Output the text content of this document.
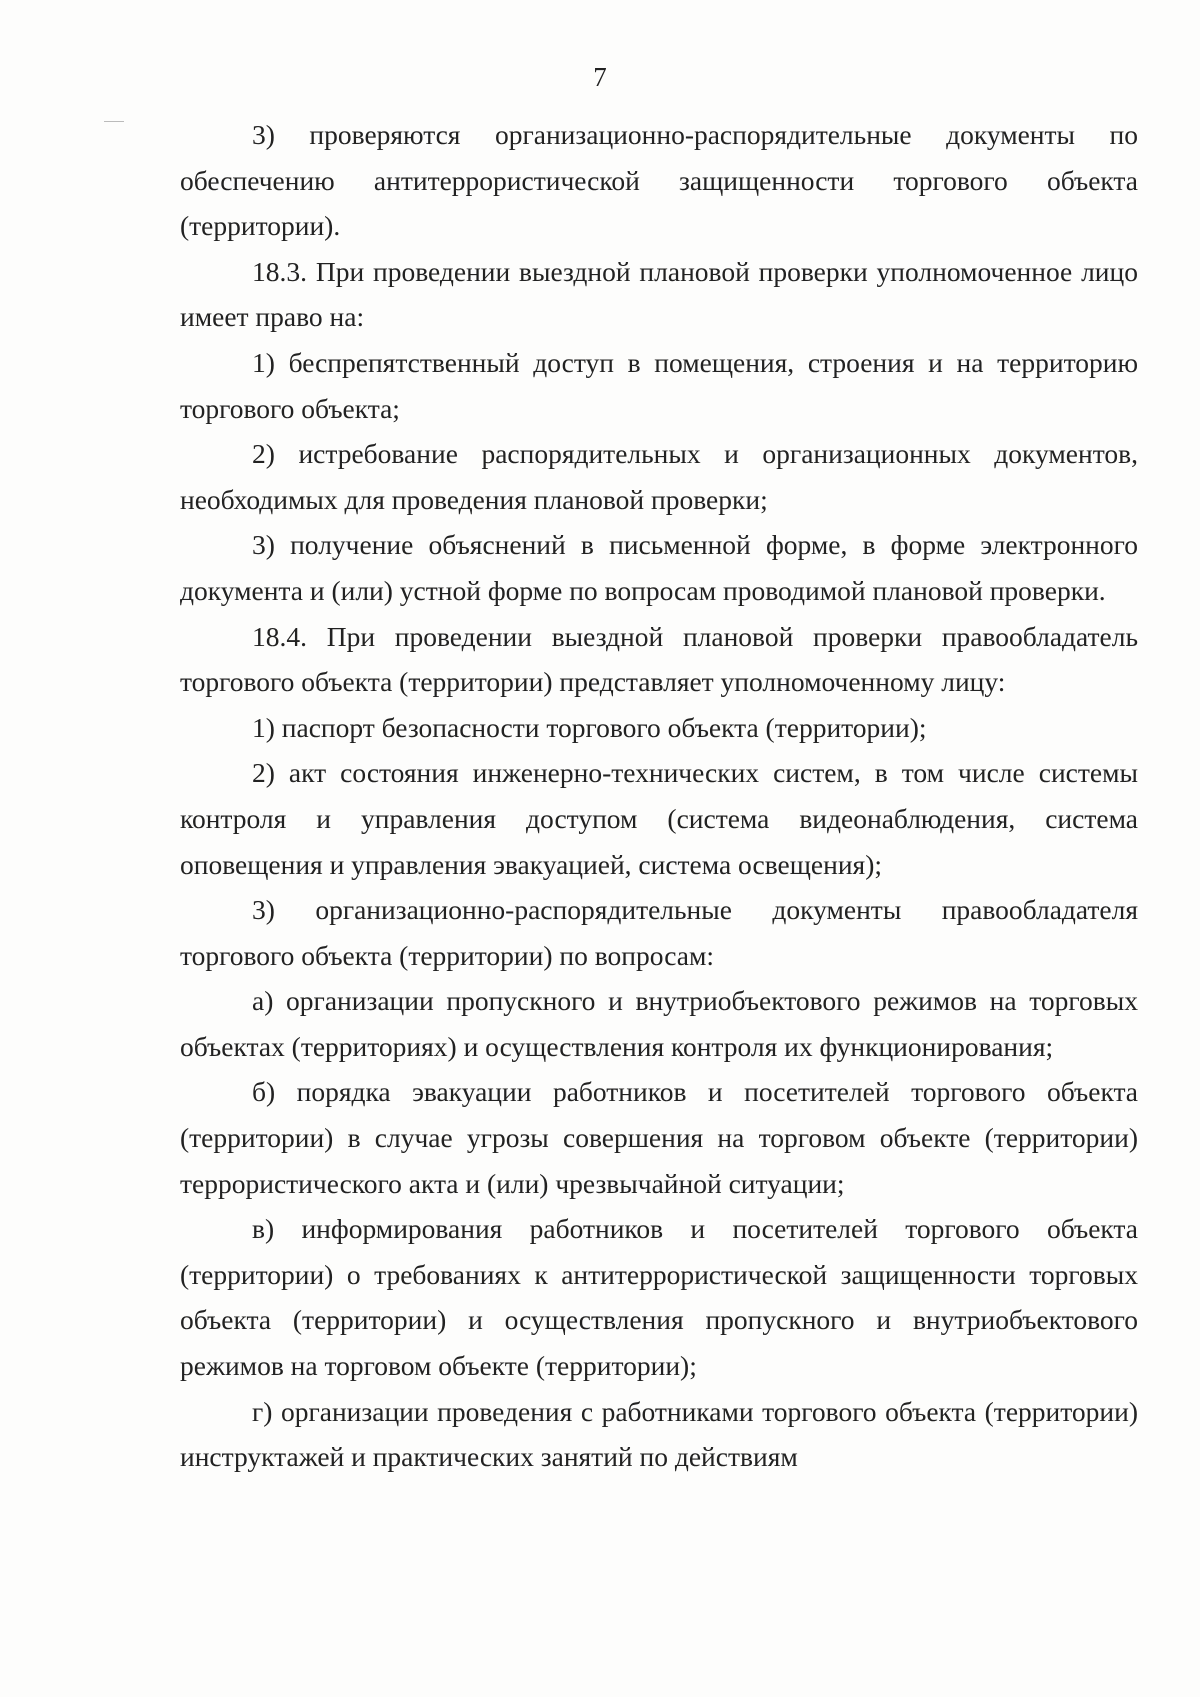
7

3) проверяются организационно-распорядительные документы по обеспечению антитеррористической защищенности торгового объекта (территории).

18.3. При проведении выездной плановой проверки уполномоченное лицо имеет право на:

1) беспрепятственный доступ в помещения, строения и на территорию торгового объекта;

2) истребование распорядительных и организационных документов, необходимых для проведения плановой проверки;

3) получение объяснений в письменной форме, в форме электронного документа и (или) устной форме по вопросам проводимой плановой проверки.

18.4. При проведении выездной плановой проверки правообладатель торгового объекта (территории) представляет уполномоченному лицу:

1) паспорт безопасности торгового объекта (территории);

2) акт состояния инженерно-технических систем, в том числе системы контроля и управления доступом (система видеонаблюдения, система оповещения и управления эвакуацией, система освещения);

3) организационно-распорядительные документы правообладателя торгового объекта (территории) по вопросам:

а) организации пропускного и внутриобъектового режимов на торговых объектах (территориях) и осуществления контроля их функционирования;

б) порядка эвакуации работников и посетителей торгового объекта (территории) в случае угрозы совершения на торговом объекте (территории) террористического акта и (или) чрезвычайной ситуации;

в) информирования работников и посетителей торгового объекта (территории) о требованиях к антитеррористической защищенности торговых объекта (территории) и осуществления пропускного и внутриобъектового режимов на торговом объекте (территории);

г) организации проведения с работниками торгового объекта (территории) инструктажей и практических занятий по действиям
